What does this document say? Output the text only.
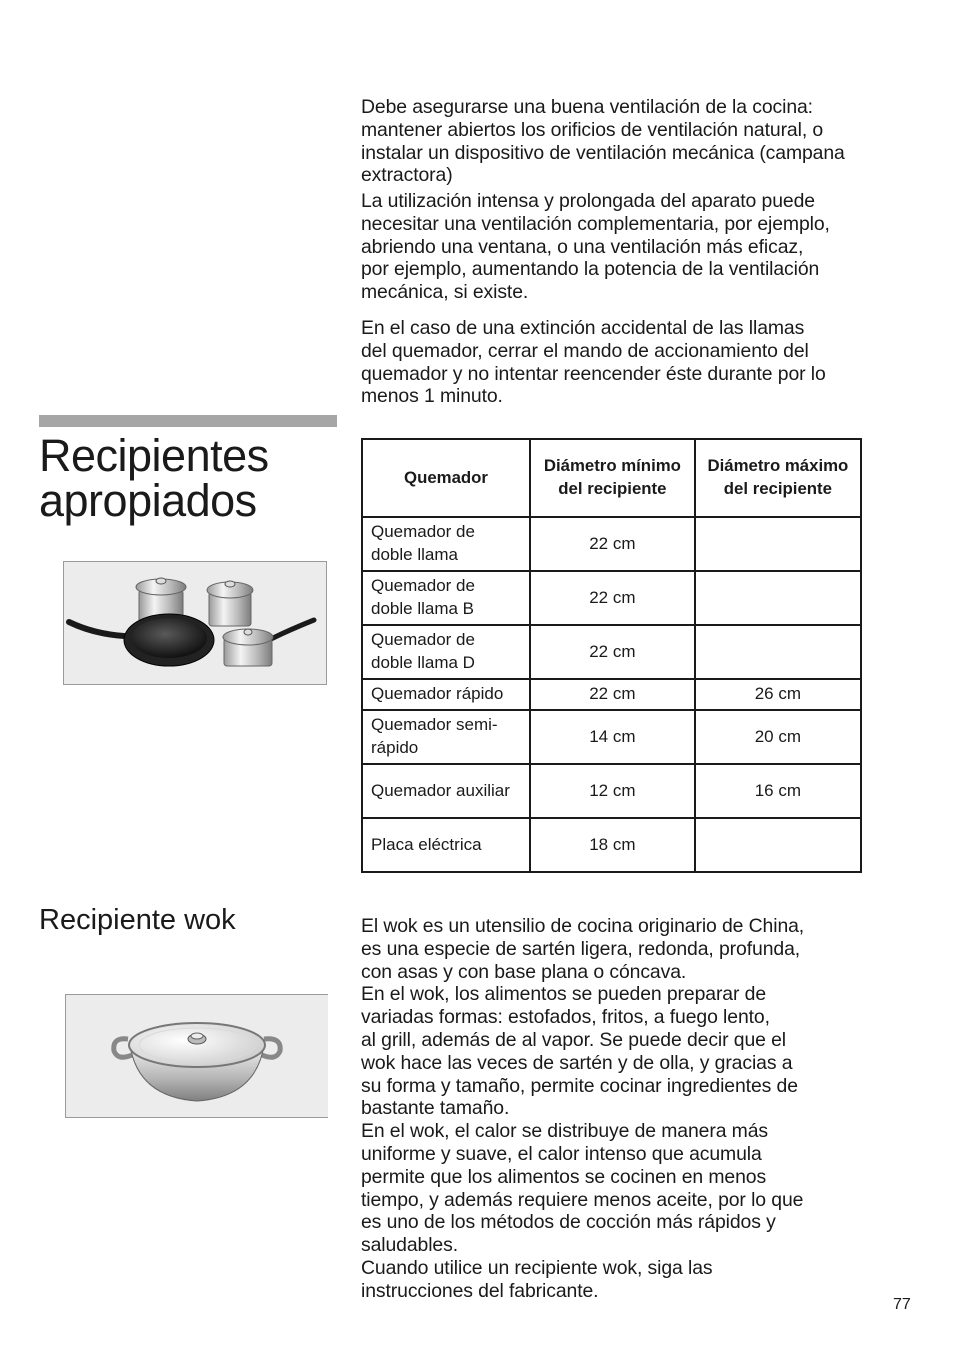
Debe asegurarse una buena ventilación de la cocina:
mantener abiertos los orificios de ventilación natural, o
instalar un dispositivo de ventilación mecánica (campana
extractora)

La utilización intensa y prolongada del aparato puede
necesitar una ventilación complementaria, por ejemplo,
abriendo una ventana, o una ventilación más eficaz,
por ejemplo, aumentando la potencia de la ventilación
mecánica, si existe.

En el caso de una extinción accidental de las llamas
del quemador, cerrar el mando de accionamiento del
quemador y no intentar reencender éste durante por lo
menos 1 minuto.

Recipientes
apropiados	Quemador	Diámetro mínimo del recipiente	Diámetro máximo del recipiente
Quemador de doble llama	22 cm	
Quemador de doble llama B	22 cm	
Quemador de doble llama D	22 cm	
Quemador rápido	22 cm	26 cm
Quemador semi-rápido	14 cm	20 cm
Quemador auxiliar	12 cm	16 cm
Placa eléctrica	18 cm	
Recipiente wok	El wok es un utensilio de cocina originario de China,
es una especie de sartén ligera, redonda, profunda,
con asas y con base plana o cóncava.
En el wok, los alimentos se pueden preparar de
variadas formas: estofados, fritos, a fuego lento,
al grill, además de al vapor. Se puede decir que el
wok hace las veces de sartén y de olla, y gracias a
su forma y tamaño, permite cocinar ingredientes de
bastante tamaño.
En el wok, el calor se distribuye de manera más
uniforme y suave, el calor intenso que acumula
permite que los alimentos se cocinen en menos
tiempo, y además requiere menos aceite, por lo que
es uno de los métodos de cocción más rápidos y
saludables.
Cuando utilice un recipiente wok, siga las
instrucciones del fabricante.

77
